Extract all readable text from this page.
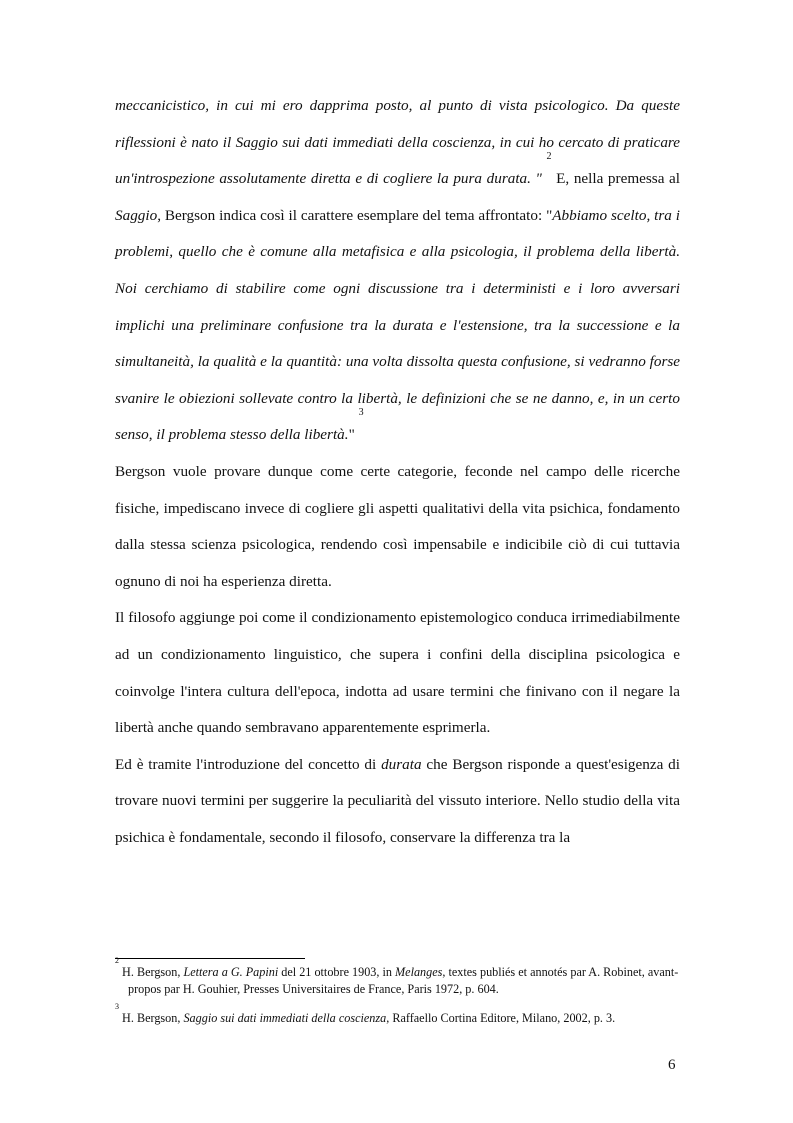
meccanicistico, in cui mi ero dapprima posto, al punto di vista psicologico. Da queste riflessioni è nato il Saggio sui dati immediati della coscienza, in cui ho cercato di praticare un'introspezione assolutamente diretta e di cogliere la pura durata. " $^2$ E, nella premessa al Saggio, Bergson indica così il carattere esemplare del tema affrontato: "Abbiamo scelto, tra i problemi, quello che è comune alla metafisica e alla psicologia, il problema della libertà. Noi cerchiamo di stabilire come ogni discussione tra i deterministi e i loro avversari implichi una preliminare confusione tra la durata e l'estensione, tra la successione e la simultaneità, la qualità e la quantità: una volta dissolta questa confusione, si vedranno forse svanire le obiezioni sollevate contro la libertà, le definizioni che se ne danno, e, in un certo senso, il problema stesso della libertà." $^3$

Bergson vuole provare dunque come certe categorie, feconde nel campo delle ricerche fisiche, impediscano invece di cogliere gli aspetti qualitativi della vita psichica, fondamento dalla stessa scienza psicologica, rendendo così impensabile e indicibile ciò di cui tuttavia ognuno di noi ha esperienza diretta.

Il filosofo aggiunge poi come il condizionamento epistemologico conduca irrimediabilmente ad un condizionamento linguistico, che supera i confini della disciplina psicologica e coinvolge l'intera cultura dell'epoca, indotta ad usare termini che finivano con il negare la libertà anche quando sembravano apparentemente esprimerla.

Ed è tramite l'introduzione del concetto di durata che Bergson risponde a quest'esigenza di trovare nuovi termini per suggerire la peculiarità del vissuto interiore. Nello studio della vita psichica è fondamentale, secondo il filosofo, conservare la differenza tra la

$^2$ H. Bergson, Lettera a G. Papini del 21 ottobre 1903, in Melanges, textes publiés et annotés par A. Robinet, avant-propos par H. Gouhier, Presses Universitaires de France, Paris 1972, p. 604.

$^3$ H. Bergson, Saggio sui dati immediati della coscienza, Raffaello Cortina Editore, Milano, 2002, p. 3.

6
